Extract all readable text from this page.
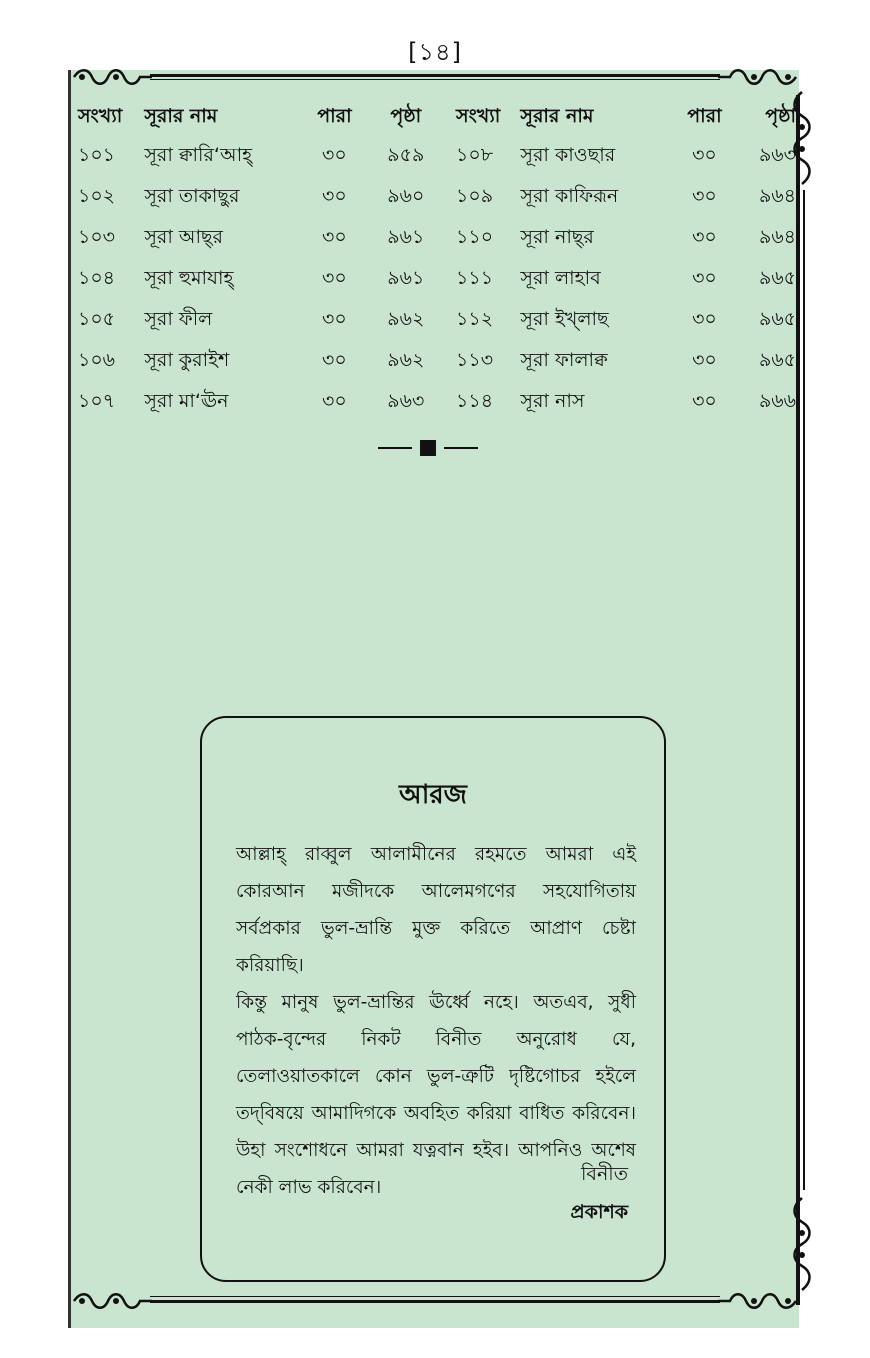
[১৪]
সংখ্যা	সূরার নাম	পারা	পৃষ্ঠা	সংখ্যা	সূরার নাম	পারা	পৃষ্ঠা
১০১	সূরা ক্বারি‘আহ্‌	৩০	৯৫৯	১০৮	সূরা কাওছার	৩০	৯৬৩
১০২	সূরা তাকাছুর	৩০	৯৬০	১০৯	সূরা কাফিরূন	৩০	৯৬৪
১০৩	সূরা আছ্‌র	৩০	৯৬১	১১০	সূরা নাছ্‌র	৩০	৯৬৪
১০৪	সূরা হুমাযাহ্‌	৩০	৯৬১	১১১	সূরা লাহাব	৩০	৯৬৫
১০৫	সূরা ফীল	৩০	৯৬২	১১২	সূরা ইখ্‌লাছ	৩০	৯৬৫
১০৬	সূরা কুরাইশ	৩০	৯৬২	১১৩	সূরা ফালাক্ব	৩০	৯৬৫
১০৭	সূরা মা‘ঊন	৩০	৯৬৩	১১৪	সূরা নাস	৩০	৯৬৬
আরজ

আল্লাহ্‌ রাব্বুল আলামীনের রহমতে আমরা এই কোরআন মজীদকে আলেমগণের সহযোগিতায় সর্বপ্রকার ভুল-ভ্রান্তি মুক্ত করিতে আপ্রাণ চেষ্টা করিয়াছি।

কিন্তু মানুষ ভুল-ভ্রান্তির ঊর্ধ্বে নহে। অতএব, সুধী পাঠক-বৃন্দের নিকট বিনীত অনুরোধ যে, তেলাওয়াতকালে কোন ভুল-ত্রুটি দৃষ্টিগোচর হইলে তদ্‌বিষয়ে আমাদিগকে অবহিত করিয়া বাধিত করিবেন। উহা সংশোধনে আমরা যত্নবান হইব। আপনিও অশেষ নেকী লাভ করিবেন।

বিনীত
প্রকাশক
